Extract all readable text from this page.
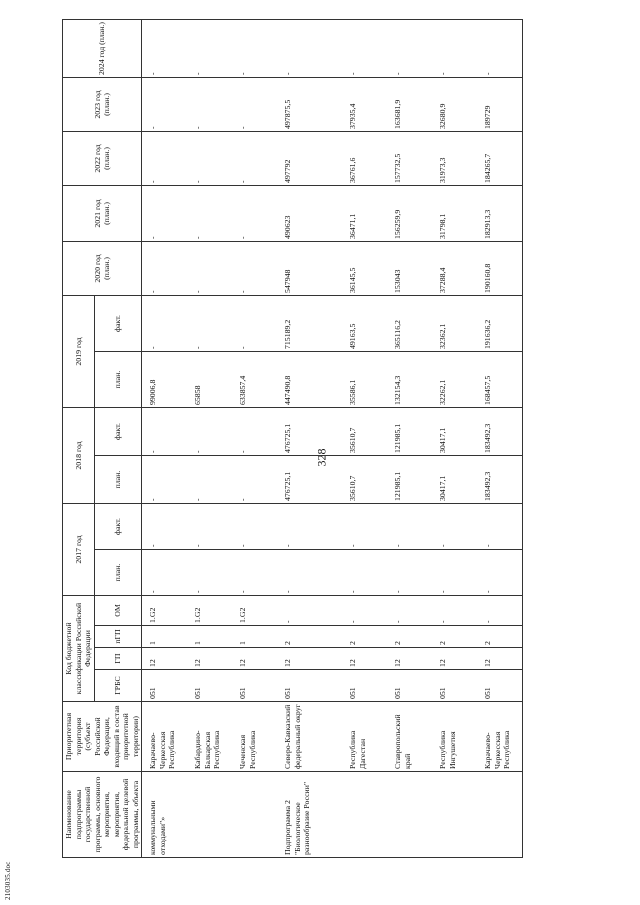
328
Наименование подпрограммы государственной программы, основного мероприятия, мероприятия, федеральной целевой программы, объекта	Приоритетная территория (субъект Российской Федерации, входящий в состав приоритетной территории)	Код бюджетной классификации Российской Федерации				2017 год		2018 год		2019 год		2020 год (план.)	2021 год (план.)	2022 год (план.)	2023 год (план.)	2024 год (план.)
		ГРБС	ГП	пГП	ОМ	план.	факт.	план.	факт.	план.	факт.					

коммунальными отходами"»	Карачаево-Черкесская Республика	051	12	1	1.G2	-	-	-	-	99006,8	-	-	-	-	-	-
	Кабардино-Балкарская Республика	051	12	1	1.G2	-	-	-	-	65858	-	-	-	-	-	-
	Чеченская Республика	051	12	1	1.G2	-	-	-	-	633857,4	-	-	-	-	-	-
Подпрограмма 2 "Биологическое разнообразие России"	Северо-Кавказский федеральный округ	051	12	2	-	-	-	476725,1	476725,1	447490,8	715189,2	547948	490623	497792	497875,5	-
	Республика Дагестан	051	12	2	-	-	-	35610,7	35610,7	35586,1	49163,5	36145,5	36471,1	36761,6	37935,4	-
	Ставропольский край	051	12	2	-	-	-	121985,1	121985,1	132154,3	365116,2	153043	156259,9	157732,5	163681,9	-
	Республика Ингушетия	051	12	2	-	-	-	30417,1	30417,1	32262,1	32362,1	37288,4	31798,1	31973,3	32680,9	-
	Карачаево-Черкесская Республика	051	12	2	-	-	-	183492,3	183492,3	168457,5	191636,2	190160,8	182913,3	184265,7	189729	-
2103035.doc
